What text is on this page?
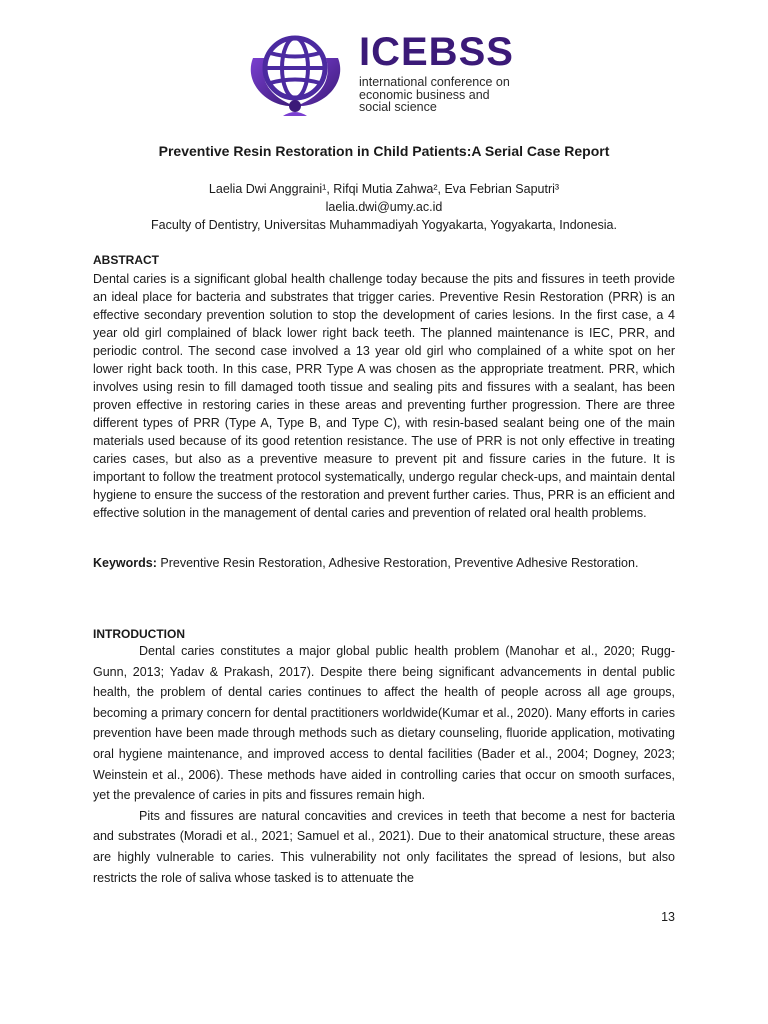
ICEBSS
international conference on
economic business and
social science
Preventive Resin Restoration in Child Patients:A Serial Case Report
Laelia Dwi Anggraini¹, Rifqi Mutia Zahwa², Eva Febrian Saputri³
laelia.dwi@umy.ac.id
Faculty of Dentistry, Universitas Muhammadiyah Yogyakarta, Yogyakarta, Indonesia.
ABSTRACT
Dental caries is a significant global health challenge today because the pits and fissures in teeth provide an ideal place for bacteria and substrates that trigger caries. Preventive Resin Restoration (PRR) is an effective secondary prevention solution to stop the development of caries lesions. In the first case, a 4 year old girl complained of black lower right back teeth. The planned maintenance is IEC, PRR, and periodic control. The second case involved a 13 year old girl who complained of a white spot on her lower right back tooth. In this case, PRR Type A was chosen as the appropriate treatment. PRR, which involves using resin to fill damaged tooth tissue and sealing pits and fissures with a sealant, has been proven effective in restoring caries in these areas and preventing further progression. There are three different types of PRR (Type A, Type B, and Type C), with resin-based sealant being one of the main materials used because of its good retention resistance. The use of PRR is not only effective in treating caries cases, but also as a preventive measure to prevent pit and fissure caries in the future. It is important to follow the treatment protocol systematically, undergo regular check-ups, and maintain dental hygiene to ensure the success of the restoration and prevent further caries. Thus, PRR is an efficient and effective solution in the management of dental caries and prevention of related oral health problems.
Keywords: Preventive Resin Restoration, Adhesive Restoration, Preventive Adhesive Restoration.
INTRODUCTION

Dental caries constitutes a major global public health problem (Manohar et al., 2020; Rugg-Gunn, 2013; Yadav & Prakash, 2017). Despite there being significant advancements in dental public health, the problem of dental caries continues to affect the health of people across all age groups, becoming a primary concern for dental practitioners worldwide(Kumar et al., 2020). Many efforts in caries prevention have been made through methods such as dietary counseling, fluoride application, motivating oral hygiene maintenance, and improved access to dental facilities (Bader et al., 2004; Dogney, 2023; Weinstein et al., 2006). These methods have aided in controlling caries that occur on smooth surfaces, yet the prevalence of caries in pits and fissures remain high.

Pits and fissures are natural concavities and crevices in teeth that become a nest for bacteria and substrates (Moradi et al., 2021; Samuel et al., 2021). Due to their anatomical structure, these areas are highly vulnerable to caries. This vulnerability not only facilitates the spread of lesions, but also restricts the role of saliva whose tasked is to attenuate the

13
